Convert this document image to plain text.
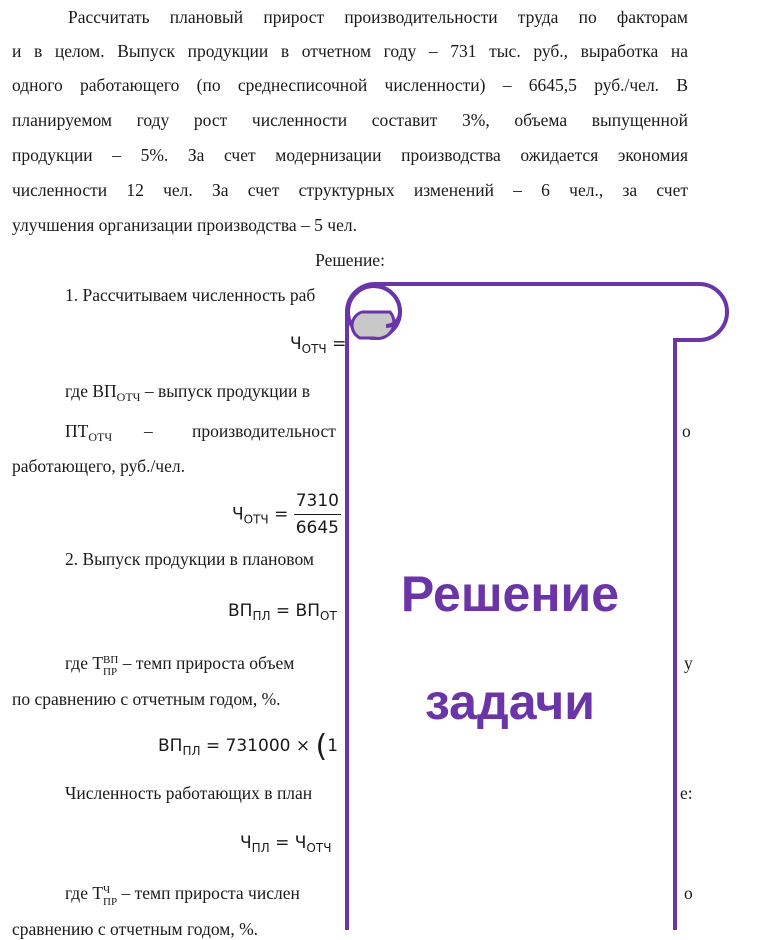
Рассчитать плановый прирост производительности труда по факторам
и в целом. Выпуск продукции в отчетном году – 731 тыс. руб., выработка на
одного работающего (по среднесписочной численности) – 6645,5 руб./чел. В
планируемом году рост численности составит 3%, объема выпущенной
продукции – 5%. За счет модернизации производства ожидается экономия
численности 12 чел. За счет структурных изменений – 6 чел., за счет
улучшения организации производства – 5 чел.
Решение:
1. Рассчитываем численность раб
$Ч_{ОТЧ}$ =
где $ВП_{ОТЧ}$ – выпуск продукции в
$ПТ_{ОТЧ}$ – производительност	о
работающего, руб./чел.
$Ч_{ОТЧ} = \frac{7310}{6645}$
2. Выпуск продукции в плановом
$ВП_{ПЛ} = ВП_{ОТ}$
где Т ВП
ПР – темп прироста объем	у
по сравнению с отчетным годом, %.
$ВП_{ПЛ} = 731000 \times (1$
Численность работающих в план	е:
$Ч_{ПЛ} = Ч_{ОТЧ}$
где Т Ч
ПР – темп прироста числен	о
сравнению с отчетным годом, %.
Решение
задачи
